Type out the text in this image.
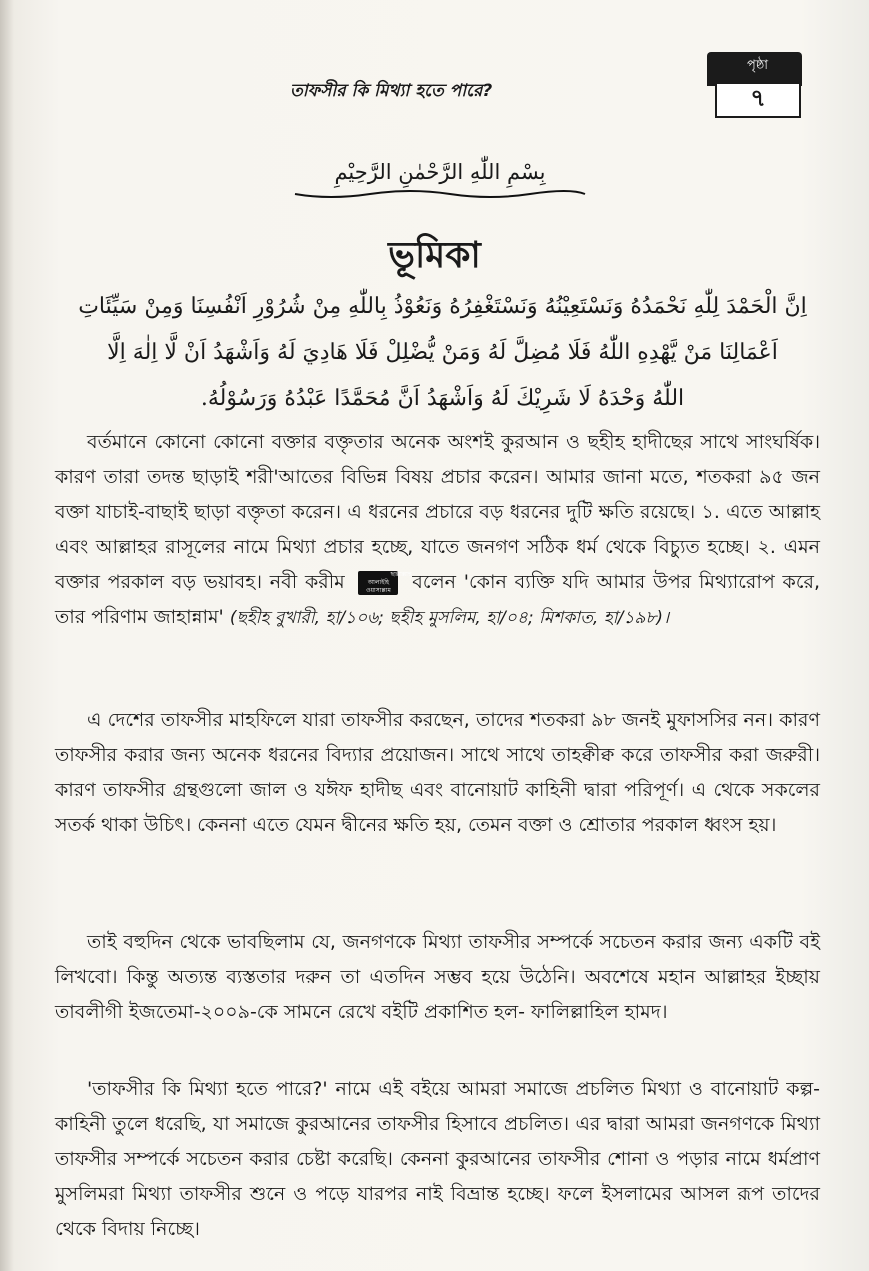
তাফসীর কি মিথ্যা হতে পারে?
পৃষ্ঠা
৭
بِسْمِ اللّٰهِ الرَّحْمٰنِ الرَّحِيْمِ
ভূমিকা
اِنَّ الْحَمْدَ لِلّٰهِ نَحْمَدُهُ وَنَسْتَعِيْنُهُ وَنَسْتَغْفِرُهُ وَنَعُوْذُ بِاللّٰهِ مِنْ شُرُوْرِ اَنْفُسِنَا وَمِنْ سَيِّئَاتِ
اَعْمَالِنَا مَنْ يَّهْدِهِ اللّٰهُ فَلَا مُضِلَّ لَهُ وَمَنْ يُّضْلِلْ فَلَا هَادِيَ لَهُ وَاَشْهَدُ اَنْ لَّا اِلٰهَ اِلَّا
اللّٰهُ وَحْدَهُ لَا شَرِيْكَ لَهُ وَاَشْهَدُ اَنَّ مُحَمَّدًا عَبْدُهُ وَرَسُوْلُهُ.
বর্তমানে কোনো কোনো বক্তার বক্তৃতার অনেক অংশই কুরআন ও ছহীহ হাদীছের সাথে সাংঘর্ষিক। কারণ তারা তদন্ত ছাড়াই শরী'আতের বিভিন্ন বিষয় প্রচার করেন। আমার জানা মতে, শতকরা ৯৫ জন বক্তা যাচাই-বাছাই ছাড়া বক্তৃতা করেন। এ ধরনের প্রচারে বড় ধরনের দুটি ক্ষতি রয়েছে। ১. এতে আল্লাহ এবং আল্লাহর রাসূলের নামে মিথ্যা প্রচার হচ্ছে, যাতে জনগণ সঠিক ধর্ম থেকে বিচ্যুত হচ্ছে। ২. এমন বক্তার পরকাল বড় ভয়াবহ। নবী করীম	ছাল্লাল্লাহু আলাইহি ওয়াসাল্লাম বলেন 'কোন ব্যক্তি যদি আমার উপর মিথ্যারোপ করে, তার পরিণাম জাহান্নাম' (ছহীহ বুখারী, হা/১০৬; ছহীহ মুসলিম, হা/০৪; মিশকাত, হা/১৯৮)।
এ দেশের তাফসীর মাহফিলে যারা তাফসীর করছেন, তাদের শতকরা ৯৮ জনই মুফাসসির নন। কারণ তাফসীর করার জন্য অনেক ধরনের বিদ্যার প্রয়োজন। সাথে সাথে তাহক্বীক্ব করে তাফসীর করা জরুরী। কারণ তাফসীর গ্রন্থগুলো জাল ও যঈফ হাদীছ এবং বানোয়াট কাহিনী দ্বারা পরিপূর্ণ। এ থেকে সকলের সতর্ক থাকা উচিৎ। কেননা এতে যেমন দ্বীনের ক্ষতি হয়, তেমন বক্তা ও শ্রোতার পরকাল ধ্বংস হয়।
তাই বহুদিন থেকে ভাবছিলাম যে, জনগণকে মিথ্যা তাফসীর সম্পর্কে সচেতন করার জন্য একটি বই লিখবো। কিন্তু অত্যন্ত ব্যস্ততার দরুন তা এতদিন সম্ভব হয়ে উঠেনি। অবশেষে মহান আল্লাহর ইচ্ছায় তাবলীগী ইজতেমা-২০০৯-কে সামনে রেখে বইটি প্রকাশিত হল- ফালিল্লাহিল হামদ।
'তাফসীর কি মিথ্যা হতে পারে?' নামে এই বইয়ে আমরা সমাজে প্রচলিত মিথ্যা ও বানোয়াট কল্প-কাহিনী তুলে ধরেছি, যা সমাজে কুরআনের তাফসীর হিসাবে প্রচলিত। এর দ্বারা আমরা জনগণকে মিথ্যা তাফসীর সম্পর্কে সচেতন করার চেষ্টা করেছি। কেননা কুরআনের তাফসীর শোনা ও পড়ার নামে ধর্মপ্রাণ মুসলিমরা মিথ্যা তাফসীর শুনে ও পড়ে যারপর নাই বিভ্রান্ত হচ্ছে। ফলে ইসলামের আসল রূপ তাদের থেকে বিদায় নিচ্ছে।
